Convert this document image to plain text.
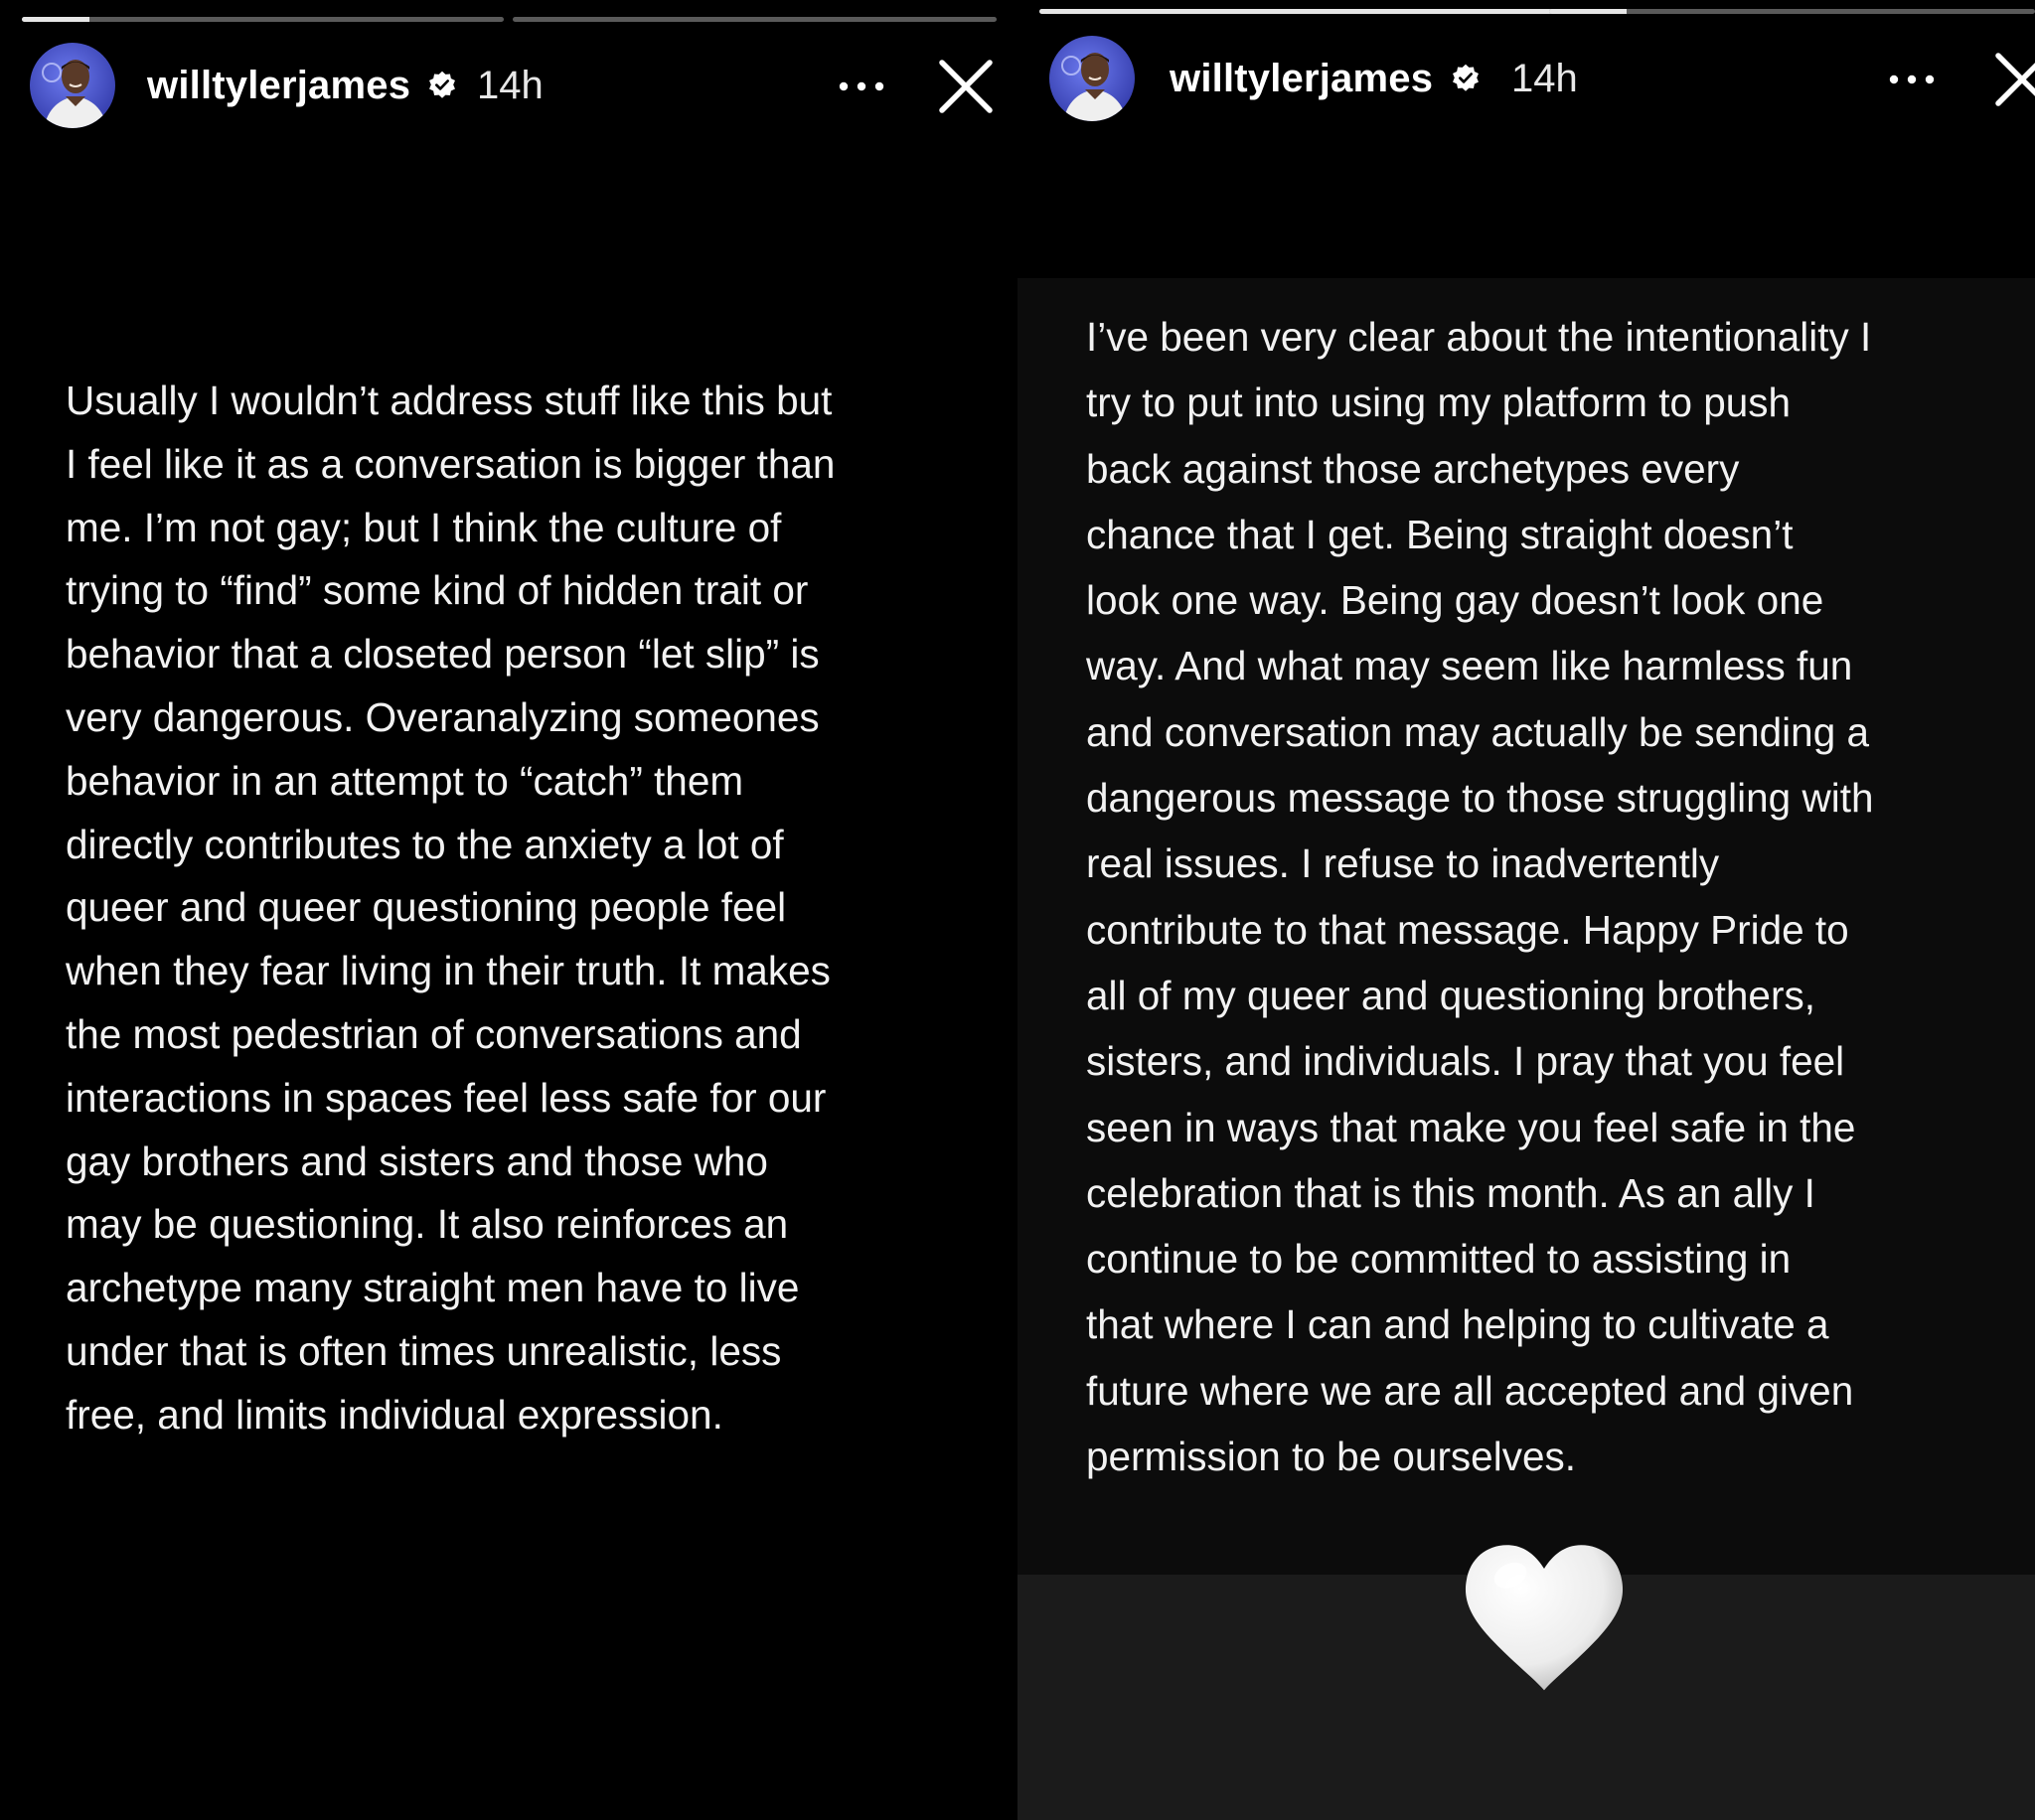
willtylerjames 14h

Usually I wouldn’t address stuff like this but
I feel like it as a conversation is bigger than
me. I’m not gay; but I think the culture of
trying to “find” some kind of hidden trait or
behavior that a closeted person “let slip” is
very dangerous. Overanalyzing someones
behavior in an attempt to “catch” them
directly contributes to the anxiety a lot of
queer and queer questioning people feel
when they fear living in their truth. It makes
the most pedestrian of conversations and
interactions in spaces feel less safe for our
gay brothers and sisters and those who
may be questioning. It also reinforces an
archetype many straight men have to live
under that is often times unrealistic, less
free, and limits individual expression.

willtylerjames 14h

I’ve been very clear about the intentionality I
try to put into using my platform to push
back against those archetypes every
chance that I get. Being straight doesn’t
look one way. Being gay doesn’t look one
way. And what may seem like harmless fun
and conversation may actually be sending a
dangerous message to those struggling with
real issues. I refuse to inadvertently
contribute to that message. Happy Pride to
all of my queer and questioning brothers,
sisters, and individuals. I pray that you feel
seen in ways that make you feel safe in the
celebration that is this month. As an ally I
continue to be committed to assisting in
that where I can and helping to cultivate a
future where we are all accepted and given
permission to be ourselves.
